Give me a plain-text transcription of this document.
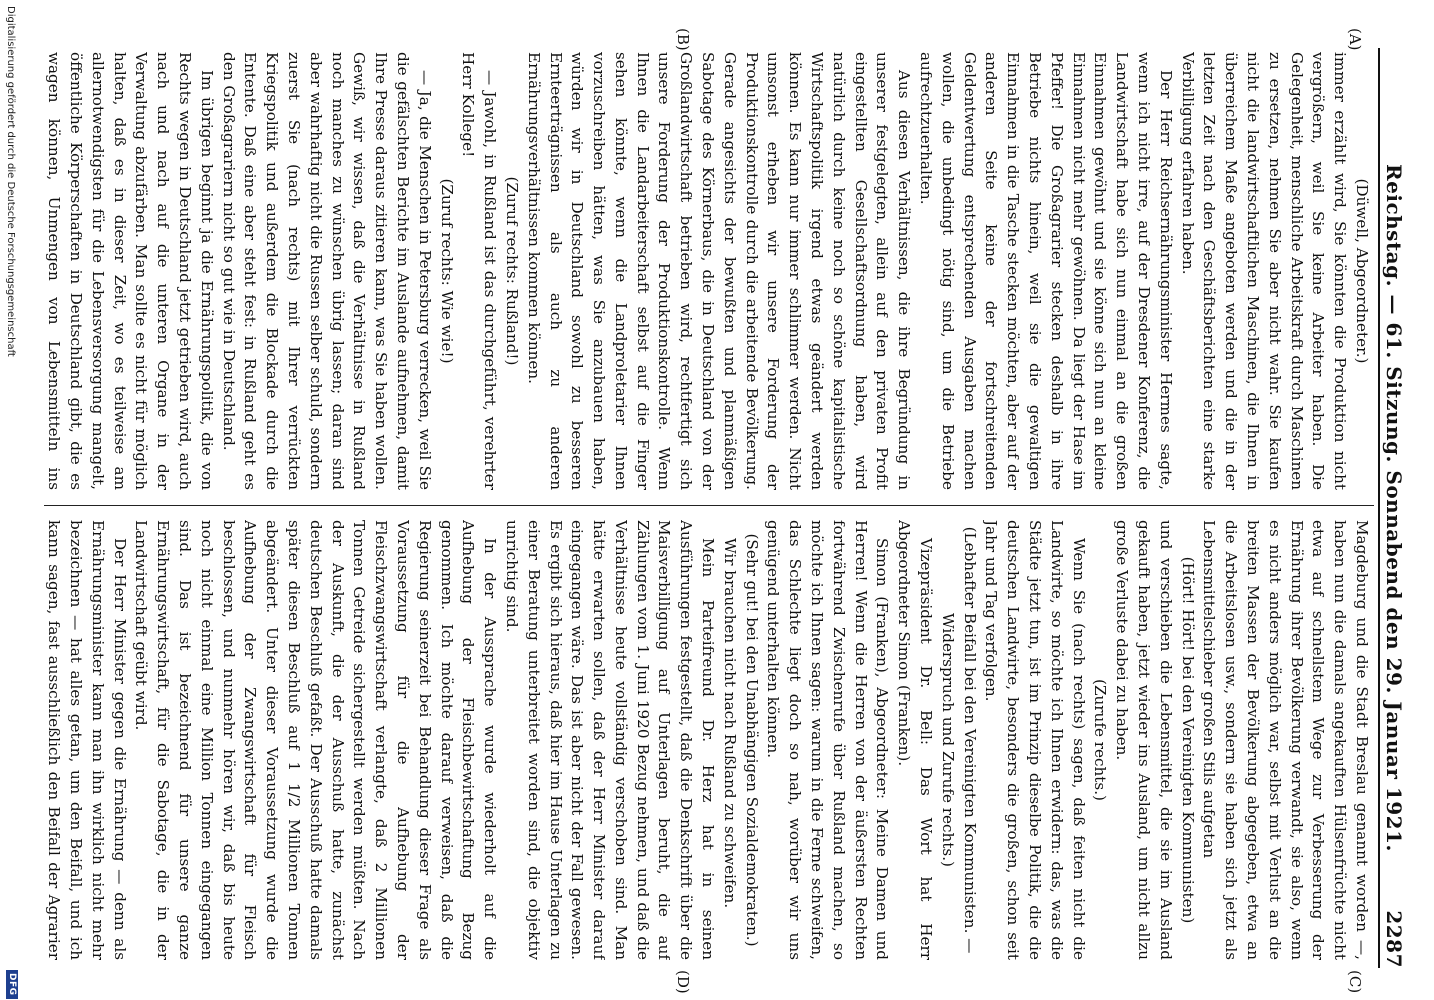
Reichstag. — 61. Sitzung. Sonnabend den 29. Januar 1921.
2287
(A)
(B)
(C)
(D)

(Düwell, Abgeordneter.)

immer erzählt wird, Sie könnten die Produktion nicht vergrößern, weil Sie keine Arbeiter haben. Die Gelegenheit, menschliche Arbeitskraft durch Maschinen zu ersetzen, nehmen Sie aber nicht wahr. Sie kaufen nicht die landwirtschaftlichen Maschinen, die Ihnen in überreichem Maße angeboten werden und die in der letzten Zeit nach den Geschäftsberichten eine starke Verbilligung erfahren haben.

Der Herr Reichsernährungsminister Hermes sagte, wenn ich nicht irre, auf der Dresdener Konferenz, die Landwirtschaft habe sich nun einmal an die großen Einnahmen gewöhnt und sie könne sich nun an kleine Einnahmen nicht mehr gewöhnen. Da liegt der Hase im Pfeffer! Die Großagrarier stecken deshalb in ihre Betriebe nichts hinein, weil sie die gewaltigen Einnahmen in die Tasche stecken möchten, aber auf der anderen Seite keine der fortschreitenden Geldentwertung entsprechenden Ausgaben machen wollen, die unbedingt nötig sind, um die Betriebe aufrechtzuerhalten.

Aus diesen Verhältnissen, die ihre Begründung in unserer festgelegten, allein auf den privaten Profit eingestellten Gesellschaftsordnung haben, wird natürlich durch keine noch so schöne kapitalistische Wirtschaftspolitik irgend etwas geändert werden können. Es kann nur immer schlimmer werden. Nicht umsonst erheben wir unsere Forderung der Produktionskontrolle durch die arbeitende Bevölkerung. Gerade angesichts der bewußten und planmäßigen Sabotage des Körnerbaus, die in Deutschland von der Großlandwirtschaft betrieben wird, rechtfertigt sich unsere Forderung der Produktionskontrolle. Wenn Ihnen die Landarbeiterschaft selbst auf die Finger sehen könnte, wenn die Landproletarier Ihnen vorzuschreiben hätten, was Sie anzubauen haben, würden wir in Deutschland sowohl zu besseren Ernteerträgnissen als auch zu anderen Ernährungsverhältnissen kommen können.

(Zuruf rechts: Rußland!)

— Jawohl, in Rußland ist das durchgeführt, verehrter Herr Kollege!

(Zuruf rechts: Wie wie!)

— Ja, die Menschen in Petersburg verrecken, weil Sie die gefälschten Berichte im Auslande aufnehmen, damit Ihre Presse daraus zitieren kann, was Sie haben wollen. Gewiß, wir wissen, daß die Verhältnisse in Rußland noch manches zu wünschen übrig lassen; daran sind aber wahrhaftig nicht die Russen selber schuld, sondern zuerst Sie (nach rechts) mit Ihrer verrückten Kriegspolitik und außerdem die Blockade durch die Entente. Daß eine aber steht fest: in Rußland geht es den Großagrariern nicht so gut wie in Deutschland.

Im übrigen beginnt ja die Ernährungspolitik, die von Rechts wegen in Deutschland jetzt getrieben wird, auch nach und nach auf die unteren Organe in der Verwaltung abzufärben. Man sollte es nicht für möglich halten, daß es in dieser Zeit, wo es teilweise am allernotwendigsten für die Lebensversorgung mangelt, öffentliche Körperschaften in Deutschland gibt, die es wagen können, Unmengen von Lebensmitteln ins

Magdeburg und die Stadt Breslau genannt worden —, haben nun die damals angekauften Hülsenfrüchte nicht etwa auf schnellstem Wege zur Verbesserung der Ernährung ihrer Bevölkerung verwandt, sie also, wenn es nicht anders möglich war, selbst mit Verlust an die breiten Massen der Bevölkerung abgegeben, etwa an die Arbeitslosen usw., sondern sie haben sich jetzt als Lebensmittelschieber großen Stils aufgetan

(Hört! Hört! bei den Vereinigten Kommunisten)

und verschieben die Lebensmittel, die sie im Ausland gekauft haben, jetzt wieder ins Ausland, um nicht allzu große Verluste dabei zu haben.

(Zurufe rechts.)

Wenn Sie (nach rechts) sagen, daß feiten nicht die Landwirte, so möchte ich Ihnen erwidern: das, was die Städte jetzt tun, ist im Prinzip dieselbe Politik, die die deutschen Landwirte, besonders die großen, schon seit Jahr und Tag verfolgen.

(Lebhafter Beifall bei den Vereinigten Kommunisten. — Widerspruch und Zurufe rechts.)

Vizepräsident Dr. Bell: Das Wort hat Herr Abgeordneter Simon (Franken).

Simon (Franken), Abgeordneter: Meine Damen und Herren! Wenn die Herren von der äußersten Rechten fortwährend Zwischenrufe über Rußland machen, so möchte ich Ihnen sagen: warum in die Ferne schweifen, das Schlechte liegt doch so nah, worüber wir uns genügend unterhalten können.

(Sehr gut! bei den Unabhängigen Sozialdemokraten.)

Wir brauchen nicht nach Rußland zu schweifen.

Mein Parteifreund Dr. Herz hat in seinen Ausführungen festgestellt, daß die Denkschrift über die Maisverbilligung auf Unterlagen beruht, die auf Zählungen vom 1. Juni 1920 Bezug nehmen, und daß die Verhältnisse heute vollständig verschoben sind. Man hätte erwarten sollen, daß der Herr Minister darauf eingegangen wäre. Das ist aber nicht der Fall gewesen. Es ergibt sich hieraus, daß hier im Hause Unterlagen zu einer Beratung unterbreitet worden sind, die objektiv unrichtig sind.

In der Aussprache wurde wiederholt auf die Aufhebung der Fleischbewirtschaftung Bezug genommen. Ich möchte darauf verweisen, daß die Regierung seinerzeit bei Behandlung dieser Frage als Voraussetzung für die Aufhebung der Fleischzwangswirtschaft verlangte, daß 2 Millionen Tonnen Getreide sichergestellt werden müßten. Nach der Auskunft, die der Ausschuß hatte, zunächst deutschen Beschluß gefaßt. Der Ausschuß hatte damals später diesen Beschluß auf 1 1/2 Millionen Tonnen abgeändert. Unter dieser Voraussetzung wurde die Aufhebung der Zwangswirtschaft für Fleisch beschlossen, und nunmehr hören wir, daß bis heute noch nicht einmal eine Million Tonnen eingegangen sind. Das ist bezeichnend für unsere ganze Ernährungswirtschaft, für die Sabotage, die in der Landwirtschaft geübt wird.

Der Herr Minister gegen die Ernährung — denn als Ernährungsminister kann man ihn wirklich nicht mehr bezeichnen — hat alles getan, um den Beifall, und ich kann sagen, fast ausschließlich den Beifall der Agrarier

Digitalisierung gefördert durch die Deutsche Forschungsgemeinschaft
DFG
